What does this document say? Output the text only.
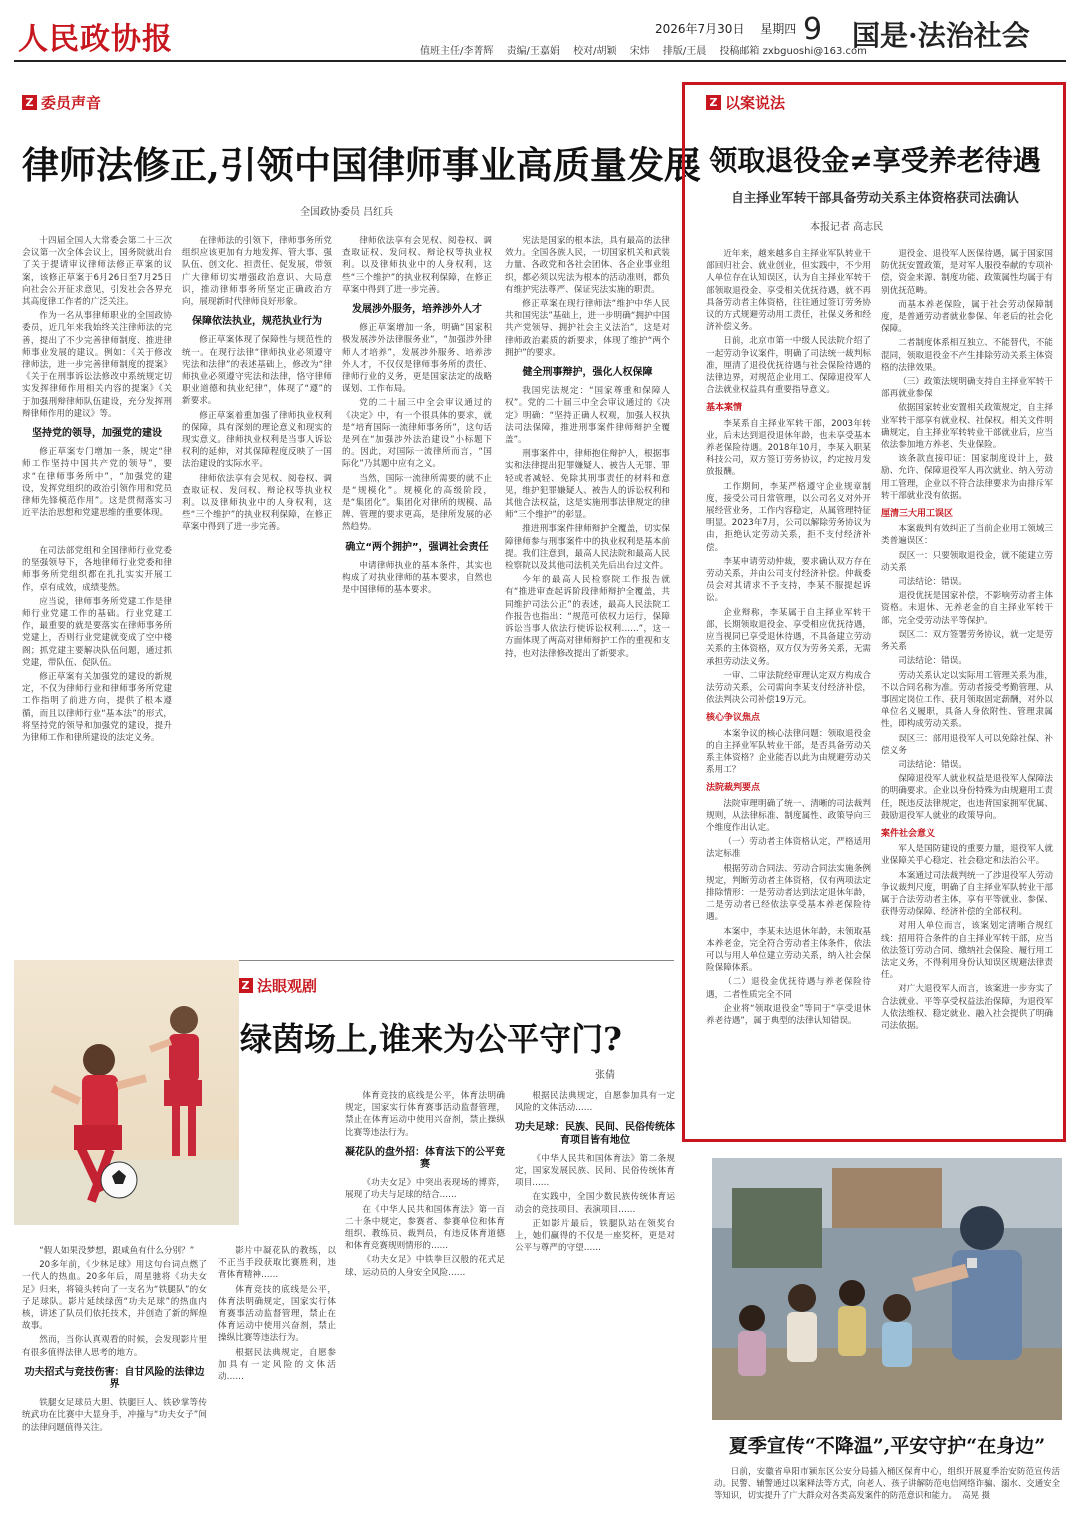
人民政协报	2026年7月30日 星期四 9 国是·法治社会
值班主任/李菁辉 责编/王嘉娟 校对/胡颖 宋炜 排版/王晨 投稿邮箱 zxbguoshi@163.com
Z 委员声音
律师法修正,引领中国律师事业高质量发展
全国政协委员 吕红兵

十四届全国人大常委会第二十三次会议第一次全体会议上，国务院就出台了关于提请审议律师法修正草案的议案，该修正草案于6月26日至7月25日向社会公开征求意见，引发社会各界充其高度律工作者的广泛关注。

作为一名从事律师职业的全国政协委员，近几年来我始终关注律师法的完善，提出了不少完善律师制度、推进律师事业发展的建议。例如：《关于修改律师法，进一步完善律师制度的提案》《关于在刑事诉讼法修改中系统规定切实发挥律师作用相关内容的提案》《关于加强刑辩律师队伍建设，充分发挥刑辩律师作用的建议》等。

坚持党的领导，加强党的建设

修正草案专门增加一条，规定“律师工作坚持中国共产党的领导”，要求“在律师事务所中”，“加强党的建设，发挥党组织的政治引领作用和党员律师先锋模范作用”。这是贯彻落实习近平法治思想和党建思维的重要体现。

在司法部党组和全国律师行业党委的坚强领导下，各地律师行业党委和律师事务所党组织都在扎扎实实开展工作，卓有成效，成绩斐然。

应当说，律师事务所党建工作是律师行业党建工作的基础。行业党建工作，最重要的就是要落实在律师事务所党建上，否则行业党建就变成了空中楼阁；抓党建主要解决队伍问题，通过抓党建，带队伍、促队伍。

修正草案有关加强党的建设的新规定，不仅为律师行业和律师事务所党建工作指明了前进方向，提供了根本遵循，而且以律师行业“基本法”的形式，将坚持党的领导和加强党的建设，提升为律师工作和律所建设的法定义务。

在律师法的引领下，律师事务所党组织应该更加有力地发挥、管大事、强队伍、创文化、担责任、促发展，带领广大律师切实增强政治意识、大局意识，推动律师事务所坚定正确政治方向，展现新时代律师良好形象。

保障依法执业，规范执业行为

修正草案体现了保障性与规范性的统一。在现行法律“律师执业必须遵守宪法和法律”的表述基础上，修改为“律师执业必须遵守宪法和法律，恪守律师职业道德和执业纪律”，体现了“遵”的新要求。

修正草案着重加强了律师执业权利的保障，具有深刻的理论意义和现实的现实意义。律师执业权利是当事人诉讼权利的延伸，对其保障程度反映了一国法治建设的实际水平。

律师依法享有会见权、阅卷权、调查取证权、发问权、辩论权等执业权利。以及律师执业中的人身权利，这些“三个维护”的执业权利保障，在修正草案中得到了进一步完善。

律师依法享有会见权、阅卷权、调查取证权、发问权、辩论权等执业权利。以及律师执业中的人身权利，这些“三个维护”的执业权利保障，在修正草案中得到了进一步完善。

发展涉外服务，培养涉外人才

修正草案增加一条，明确“国家积极发展涉外法律服务业”，“加强涉外律师人才培养”，发展涉外服务、培养涉外人才，不仅仅是律师事务所的责任、律师行业的义务，更是国家法定的战略谋划、工作布局。

党的二十届三中全会审议通过的《决定》中，有一个很具体的要求，就是“培育国际一流律师事务所”，这句话是列在“加强涉外法治建设”小标题下的。因此，对国际一流律所而言，“国际化”乃其题中应有之义。

当然，国际一流律所需要的就不止是“规模化”。规模化的高级阶段，是“集团化”。集团化对律所的规模、品牌、管理的要求更高，是律所发展的必然趋势。

确立“两个拥护”，强调社会责任

申请律师执业的基本条件，其实也构成了对执业律师的基本要求，自然也是中国律师的基本要求。

宪法是国家的根本法，具有最高的法律效力。全国各族人民，一切国家机关和武装力量、各政党和各社会团体、各企业事业组织，都必须以宪法为根本的活动准则，都负有维护宪法尊严、保证宪法实施的职责。

修正草案在现行律师法“维护中华人民共和国宪法”基础上，进一步明确“拥护中国共产党领导、拥护社会主义法治”，这是对律师政治素质的新要求，体现了维护“两个拥护”的要求。

健全刑事辩护，强化人权保障

我国宪法规定：“国家尊重和保障人权”。党的二十届三中全会审议通过的《决定》明确：“坚持正确人权观，加强人权执法司法保障，推进刑事案件律师辩护全覆盖”。

刑事案件中，律师抱住辩护人，根据事实和法律提出犯罪嫌疑人、被告人无罪、罪轻或者减轻、免除其刑事责任的材料和意见，维护犯罪嫌疑人、被告人的诉讼权利和其他合法权益，这是实施刑事法律规定的律师“三个维护”的彰显。

推进刑事案件律师辩护全覆盖，切实保障律师参与刑事案件中的执业权利是基本前提。我们注意到，最高人民法院和最高人民检察院以及其他司法机关先后出台过文件。

今年的最高人民检察院工作报告就有“推进审查起诉阶段律师辩护全覆盖，共同维护司法公正”的表述，最高人民法院工作报告也指出：“规范可依权力运行，保障诉讼当事人依法行使诉讼权利……”，这一方面体现了两高对律师辩护工作的重视和支持，也对法律修改提出了新要求。

Z 以案说法
领取退役金≠享受养老待遇
自主择业军转干部具备劳动关系主体资格获司法确认
本报记者 高志民

近年来，越来越多自主择业军队转业干部回归社会、就业创业，但实践中，不少用人单位存在认知误区，认为自主择业军转干部领取退役金、享受相关优抚待遇，就不再具备劳动者主体资格，往往通过签订劳务协议的方式规避劳动用工责任，社保义务和经济补偿义务。

日前，北京市第一中级人民法院介绍了一起劳动争议案件，明确了司法统一裁判标准，厘清了退役优抚待遇与社会保险待遇的法律边界，对规范企业用工、保障退役军人合法就业权益具有重要指导意义。

基本案情

李某系自主择业军转干部，2003年转业，后未达到退役退休年龄，也未享受基本养老保险待遇。2018年10月，李某入职某科技公司，双方签订劳务协议，约定按月发放报酬。

工作期间，李某严格遵守企业规章制度，接受公司日常管理，以公司名义对外开展经营业务，工作内容稳定，从属管理特征明显。2023年7月，公司以解除劳务协议为由，拒绝认定劳动关系，拒不支付经济补偿。

李某申请劳动仲裁，要求确认双方存在劳动关系，并由公司支付经济补偿。仲裁委员会对其请求不予支持，李某不服提起诉讼。

企业辩称，李某属于自主择业军转干部，长期领取退役金、享受相应优抚待遇，应当视同已享受退休待遇，不具备建立劳动关系的主体资格，双方仅为劳务关系，无需承担劳动法义务。

一审、二审法院经审理认定双方构成合法劳动关系，公司需向李某支付经济补偿，依法判决公司补偿19万元。

核心争议焦点

本案争议的核心法律问题：领取退役金的自主择业军队转业干部，是否具备劳动关系主体资格？企业能否以此为由规避劳动关系用工？

法院裁判要点

法院审理明确了统一、清晰的司法裁判规则，从法律标准、制度属性、政策导向三个维度作出认定。

（一）劳动者主体资格认定，严格适用法定标准

根据劳动合同法、劳动合同法实施条例规定，判断劳动者主体资格，仅有两项法定排除情形：一是劳动者达到法定退休年龄，二是劳动者已经依法享受基本养老保险待遇。

本案中，李某未达退休年龄，未领取基本养老金，完全符合劳动者主体条件，依法可以与用人单位建立劳动关系，纳入社会保险保障体系。

（二）退役金优抚待遇与养老保险待遇，二者性质完全不同

企业将“领取退役金”等同于“享受退休养老待遇”，属于典型的法律认知错误。

退役金、退役军人医保待遇，属于国家国防优抚安置政策，是对军人服役奉献的专项补偿，资金来源、制度功能、政策属性均属于有别优抚范畴。

而基本养老保险，属于社会劳动保障制度，是普通劳动者就业参保、年老后的社会化保障。

二者制度体系相互独立、不能替代，不能混同，领取退役金不产生排除劳动关系主体资格的法律效果。

（三）政策法规明确支持自主择业军转干部再就业参保

依据国家转业安置相关政策规定，自主择业军转干部享有就业权、社保权。相关文件明确规定，自主择业军转转业干部就业后，应当依法参加地方养老、失业保险。

该条款直接印证：国家制度设计上，鼓励、允许、保障退役军人再次就业、纳入劳动用工管理，企业以不符合法律要求为由排斥军转干部就业没有依据。

厘清三大用工误区

本案裁判有效纠正了当前企业用工领域三类普遍误区：

误区一：只要领取退役金，就不能建立劳动关系

司法结论：错误。

退役优抚是国家补偿，不影响劳动者主体资格。未退休、无养老金的自主择业军转干部，完全受劳动法平等保护。

误区二：双方签署劳务协议，就一定是劳务关系

司法结论：错误。

劳动关系认定以实际用工管理关系为准，不以合同名称为准。劳动者接受考勤管理、从事固定岗位工作、获月领取固定薪酬，对外以单位名义履职，具备人身依附性、管理隶属性，即构成劳动关系。

误区三：部用退役军人可以免除社保、补偿义务

司法结论：错误。

保障退役军人就业权益是退役军人保障法的明确要求。企业以身份特殊为由规避用工责任，既违反法律规定，也违背国家拥军优属、鼓励退役军人就业的政策导向。

案件社会意义

军人是国防建设的重要力量，退役军人就业保障关乎心稳定、社会稳定和法治公平。

本案通过司法裁判统一了涉退役军人劳动争议裁判尺度，明确了自主择业军队转业干部属于合法劳动者主体，享有平等就业、参保、获得劳动保障、经济补偿的全部权利。

对用人单位而言，该案划定清晰合规红线：招用符合条件的自主择业军转干部，应当依法签订劳动合同、缴纳社会保险、履行用工法定义务，不得利用身份认知误区规避法律责任。

对广大退役军人而言，该案进一步夯实了合法就业、平等享受权益法治保障，为退役军人依法维权、稳定就业、融入社会提供了明确司法依据。

Z 法眼观剧
绿茵场上,谁来为公平守门?
张倩

“假人如果没梦想，跟咸鱼有什么分别？”

20多年前，《少林足球》用这句台词点燃了一代人的热血。20多年后，周星驰将《功夫女足》归来，将镜头转向了一支名为“铁腿队”的女子足球队。影片延续绿茵“功夫足球”的热血内核，讲述了队员们依托技术，并创造了新的辉煌故事。

然而，当你认真观看的时候，会发现影片里有很多值得法律人思考的地方。

功夫招式与竞技伤害：自甘风险的法律边界

铁腿女足球员大胆、铁腿巨人、铁砂掌等传统武功在比赛中大显身手，冲撞与“功夫女子”间的法律问题值得关注。

影片中凝花队的教练，以不正当手段获取比赛胜利，违背体育精神……

体育竞技的底线是公平，体育法明确规定，国家实行体育赛事活动监督管理，禁止在体育运动中使用兴奋剂，禁止操纵比赛等违法行为。

根据民法典规定，自愿参加具有一定风险的文体活动……

体育竞技的底线是公平，体育法明确规定，国家实行体育赛事活动监督管理，禁止在体育运动中使用兴奋剂，禁止操纵比赛等违法行为。

凝花队的盘外招：体育法下的公平竞赛

《功夫女足》中突出表现场的博弈，展现了功夫与足球的结合……

在《中华人民共和国体育法》第一百二十条中规定，参赛者、参赛单位和体育组织、教练员、裁判员，有违反体育道德和体育竞赛规则情形的……

《功夫女足》中铁拳巨汉般的花式足球、运动员的人身安全风险……

根据民法典规定，自愿参加具有一定风险的文体活动……

功夫足球：民族、民间、民俗传统体育项目皆有地位

《中华人民共和国体育法》第二条规定，国家发展民族、民间、民俗传统体育项目……

在实践中，全国少数民族传统体育运动会的竞技项目、表演项目……

正如影片最后，铁腿队站在领奖台上，她们赢得的不仅是一座奖杯，更是对公平与尊严的守望……

夏季宣传“不降温”,平安守护“在身边”

日前，安徽省阜阳市颍东区公安分局插入桶区保育中心，组织开展夏季治安防范宣传活动。民警、辅警通过以案释法等方式，向老人、孩子讲解防范电信网络诈骗、溺水、交通安全等知识，切实提升了广大群众对各类高发案件的防范意识和能力。 高晃 摄
